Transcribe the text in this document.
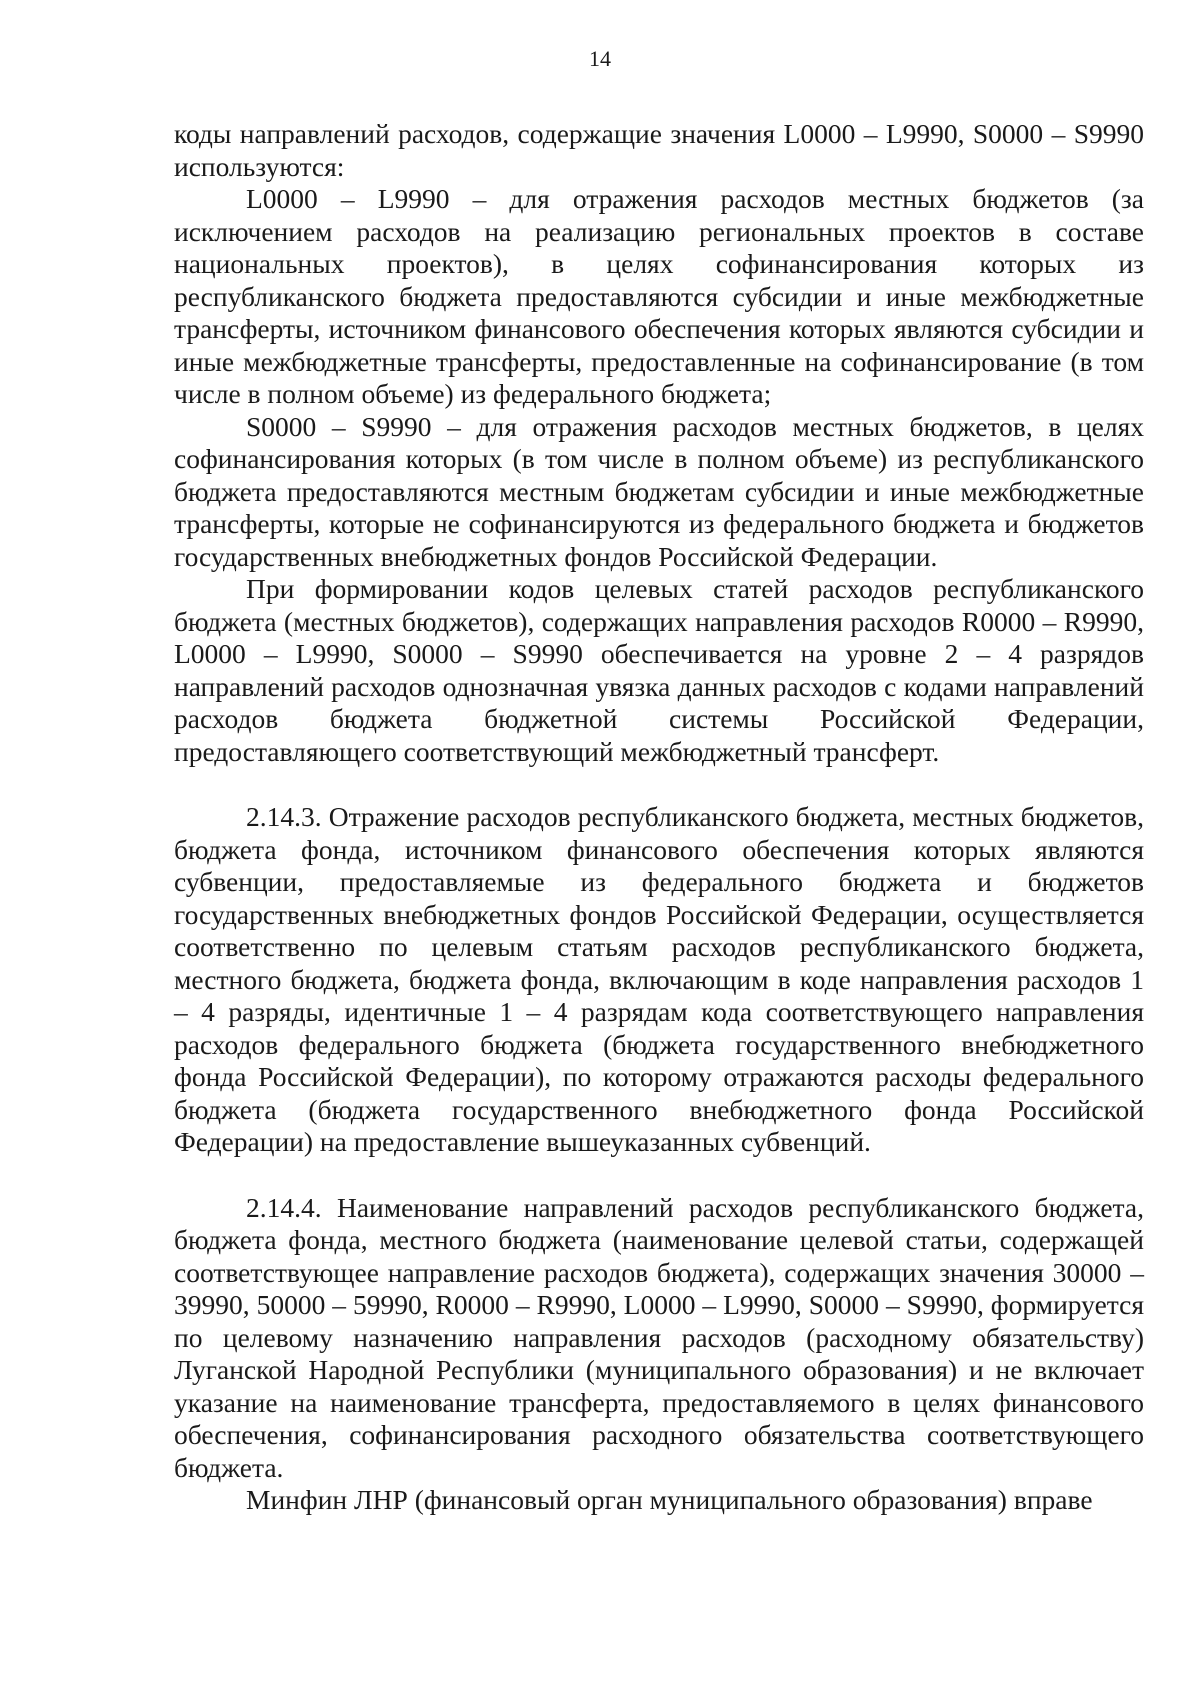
14

коды направлений расходов, содержащие значения L0000 – L9990, S0000 – S9990 используются:

L0000 – L9990 – для отражения расходов местных бюджетов (за исключением расходов на реализацию региональных проектов в составе национальных проектов), в целях софинансирования которых из республиканского бюджета предоставляются субсидии и иные межбюджетные трансферты, источником финансового обеспечения которых являются субсидии и иные межбюджетные трансферты, предоставленные на софинансирование (в том числе в полном объеме) из федерального бюджета;

S0000 – S9990 – для отражения расходов местных бюджетов, в целях софинансирования которых (в том числе в полном объеме) из республиканского бюджета предоставляются местным бюджетам субсидии и иные межбюджетные трансферты, которые не софинансируются из федерального бюджета и бюджетов государственных внебюджетных фондов Российской Федерации.

При формировании кодов целевых статей расходов республиканского бюджета (местных бюджетов), содержащих направления расходов R0000 – R9990, L0000 – L9990, S0000 – S9990 обеспечивается на уровне 2 – 4 разрядов направлений расходов однозначная увязка данных расходов с кодами направлений расходов бюджета бюджетной системы Российской Федерации, предоставляющего соответствующий межбюджетный трансферт.

2.14.3. Отражение расходов республиканского бюджета, местных бюджетов, бюджета фонда, источником финансового обеспечения которых являются субвенции, предоставляемые из федерального бюджета и бюджетов государственных внебюджетных фондов Российской Федерации, осуществляется соответственно по целевым статьям расходов республиканского бюджета, местного бюджета, бюджета фонда, включающим в коде направления расходов 1 – 4 разряды, идентичные 1 – 4 разрядам кода соответствующего направления расходов федерального бюджета (бюджета государственного внебюджетного фонда Российской Федерации), по которому отражаются расходы федерального бюджета (бюджета государственного внебюджетного фонда Российской Федерации) на предоставление вышеуказанных субвенций.

2.14.4. Наименование направлений расходов республиканского бюджета, бюджета фонда, местного бюджета (наименование целевой статьи, содержащей соответствующее направление расходов бюджета), содержащих значения 30000 – 39990, 50000 – 59990, R0000 – R9990, L0000 – L9990, S0000 – S9990, формируется по целевому назначению направления расходов (расходному обязательству) Луганской Народной Республики (муниципального образования) и не включает указание на наименование трансферта, предоставляемого в целях финансового обеспечения, софинансирования расходного обязательства соответствующего бюджета.

Минфин ЛНР (финансовый орган муниципального образования) вправе
